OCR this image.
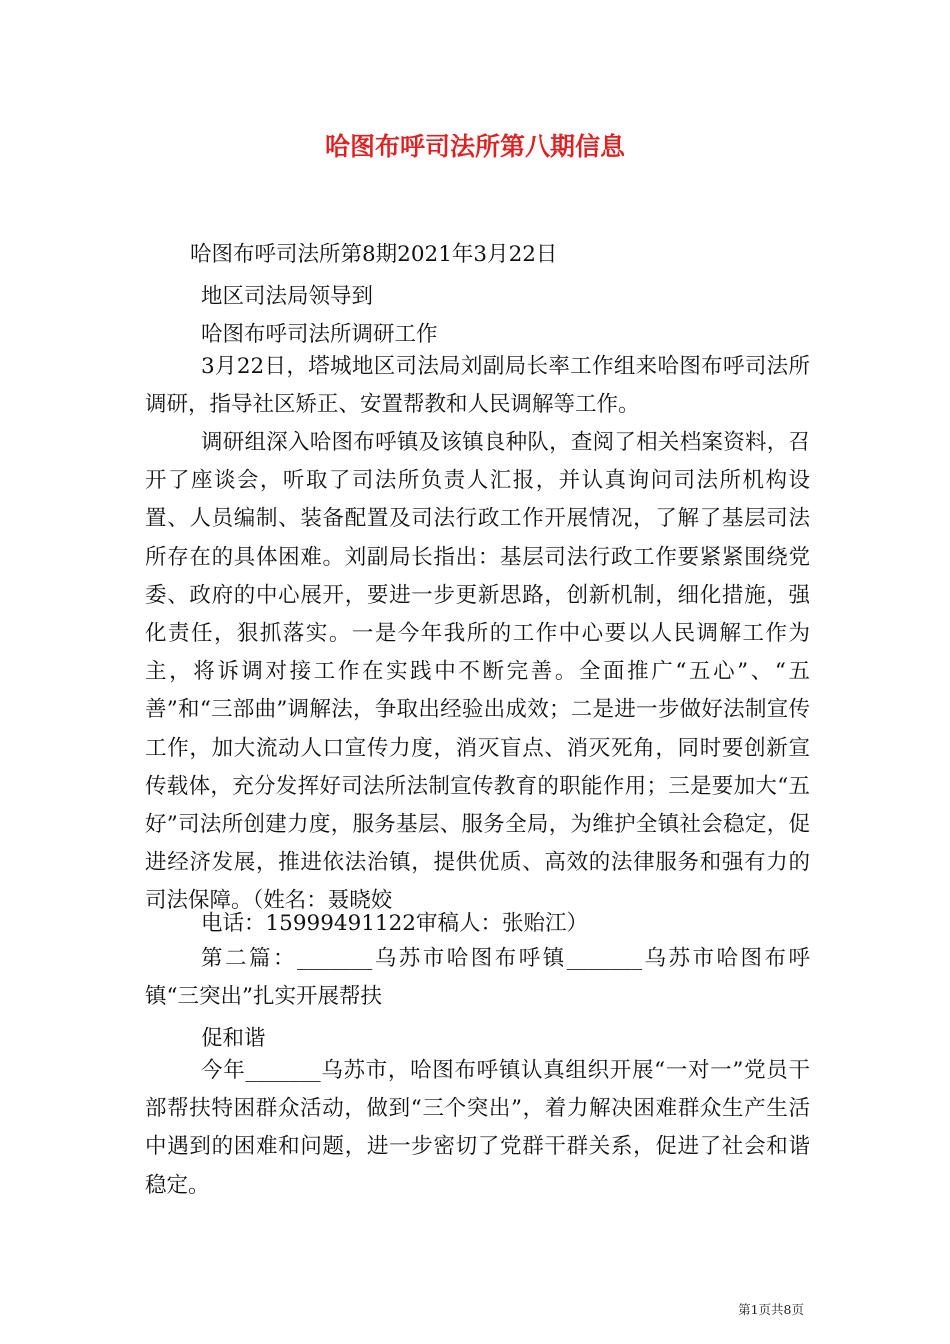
哈图布呼司法所第八期信息
哈图布呼司法所第8期2021年3月22日
地区司法局领导到
哈图布呼司法所调研工作
3月22日，塔城地区司法局刘副局长率工作组来哈图布呼司法所调研，指导社区矫正、安置帮教和人民调解等工作。
调研组深入哈图布呼镇及该镇良种队，查阅了相关档案资料，召开了座谈会，听取了司法所负责人汇报，并认真询问司法所机构设置、人员编制、装备配置及司法行政工作开展情况，了解了基层司法所存在的具体困难。刘副局长指出：基层司法行政工作要紧紧围绕党委、政府的中心展开，要进一步更新思路，创新机制，细化措施，强化责任，狠抓落实。一是今年我所的工作中心要以人民调解工作为主，将诉调对接工作在实践中不断完善。全面推广“五心”、“五善”和“三部曲”调解法，争取出经验出成效；二是进一步做好法制宣传工作，加大流动人口宣传力度，消灭盲点、消灭死角，同时要创新宣传载体，充分发挥好司法所法制宣传教育的职能作用；三是要加大“五好”司法所创建力度，服务基层、服务全局，为维护全镇社会稳定，促进经济发展，推进依法治镇，提供优质、高效的法律服务和强有力的司法保障。（姓名：聂晓姣
电话：15999491122审稿人：张贻江）
第二篇：_______乌苏市哈图布呼镇_______乌苏市哈图布呼镇“三突出”扎实开展帮扶
促和谐
今年_______乌苏市，哈图布呼镇认真组织开展“一对一”党员干部帮扶特困群众活动，做到“三个突出”，着力解决困难群众生产生活中遇到的困难和问题，进一步密切了党群干群关系，促进了社会和谐稳定。
第1页共8页
